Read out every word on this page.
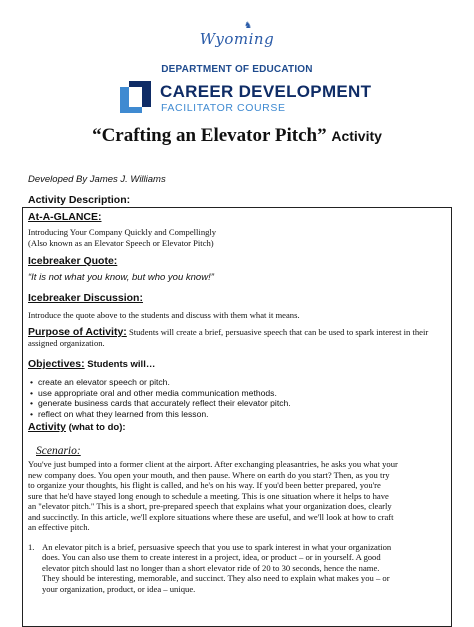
Wyoming
♞
DEPARTMENT OF EDUCATION
CAREER DEVELOPMENT
FACILITATOR COURSE
“Crafting an Elevator Pitch” Activity
Developed By James J. Williams
Activity Description:
At-A-GLANCE:
Introducing Your Company Quickly and Compellingly
(Also known as an Elevator Speech or Elevator Pitch)
Icebreaker Quote:
“It is not what you know, but who you know!”
Icebreaker Discussion:
Introduce the quote above to the students and discuss with them what it means.
Purpose of Activity: Students will create a brief, persuasive speech that can be used to spark interest in their
assigned organization.
Objectives: Students will…
• create an elevator speech or pitch.
• use appropriate oral and other media communication methods.
• generate business cards that accurately reflect their elevator pitch.
• reflect on what they learned from this lesson.
Activity (what to do):
Scenario:
You've just bumped into a former client at the airport. After exchanging pleasantries, he asks you what your
new company does. You open your mouth, and then pause. Where on earth do you start? Then, as you try
to organize your thoughts, his flight is called, and he's on his way. If you'd been better prepared, you're
sure that he'd have stayed long enough to schedule a meeting. This is one situation where it helps to have
an "elevator pitch." This is a short, pre-prepared speech that explains what your organization does, clearly
and succinctly. In this article, we'll explore situations where these are useful, and we'll look at how to craft
an effective pitch.
1. An elevator pitch is a brief, persuasive speech that you use to spark interest in what your organization
does. You can also use them to create interest in a project, idea, or product – or in yourself. A good
elevator pitch should last no longer than a short elevator ride of 20 to 30 seconds, hence the name.
They should be interesting, memorable, and succinct. They also need to explain what makes you – or
your organization, product, or idea – unique.
